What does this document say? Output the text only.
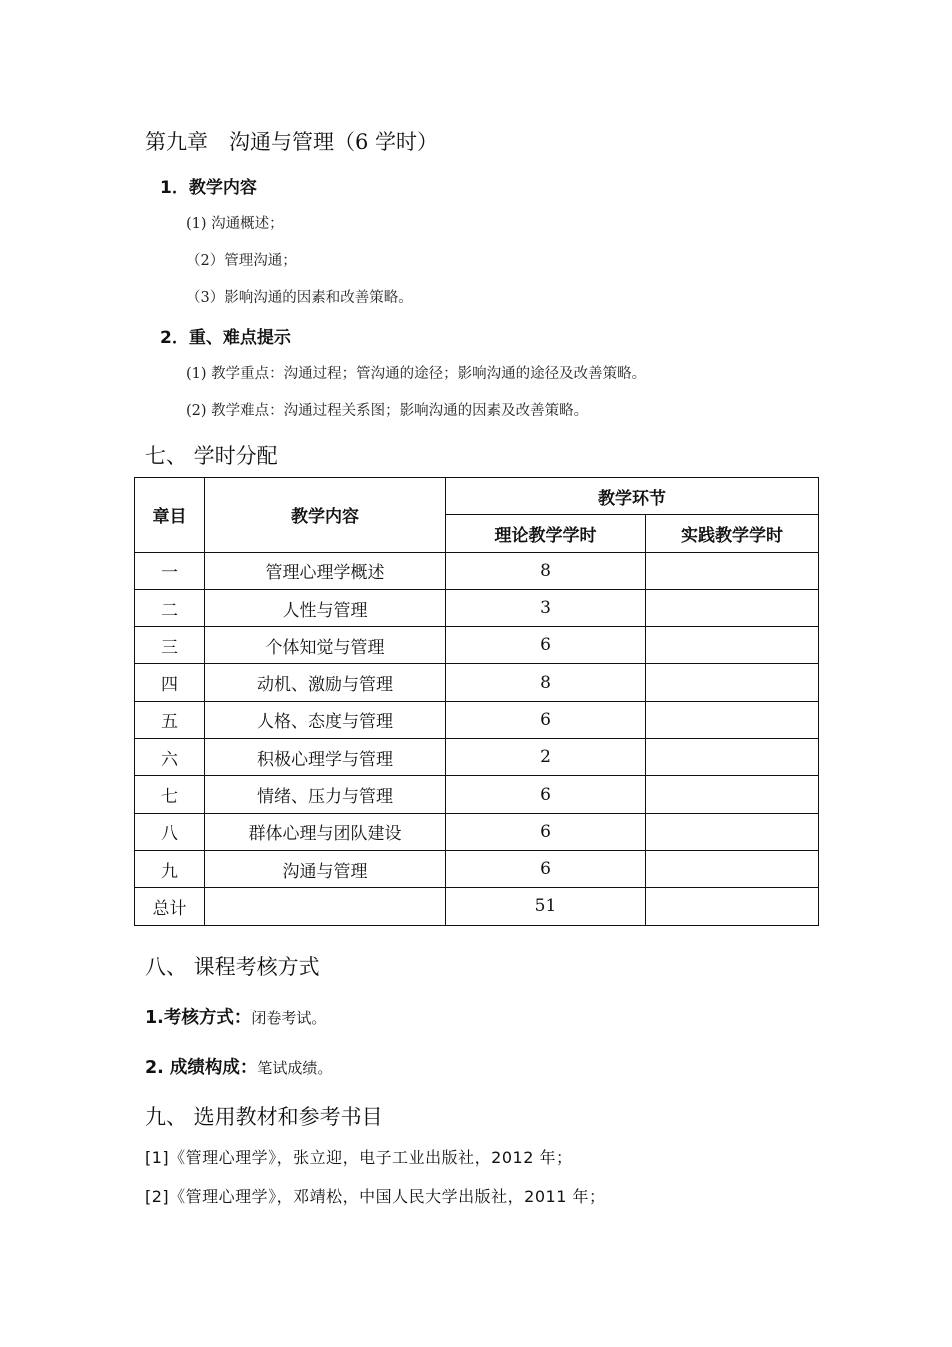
第九章　沟通与管理（6 学时）
1．教学内容
(1) 沟通概述；
（2）管理沟通；
（3）影响沟通的因素和改善策略。
2．重、难点提示
(1) 教学重点：沟通过程；管沟通的途径；影响沟通的途径及改善策略。
(2) 教学难点：沟通过程关系图；影响沟通的因素及改善策略。
七、 学时分配
章目	教学内容	教学环节	
		理论教学学时	实践教学学时
一	管理心理学概述	8	
二	人性与管理	3	
三	个体知觉与管理	6	
四	动机、激励与管理	8	
五	人格、态度与管理	6	
六	积极心理学与管理	2	
七	情绪、压力与管理	6	
八	群体心理与团队建设	6	
九	沟通与管理	6	
总计		51	
八、 课程考核方式
1.考核方式：闭卷考试。
2. 成绩构成：笔试成绩。
九、 选用教材和参考书目
[1]《管理心理学》，张立迎，电子工业出版社，2012 年；
[2]《管理心理学》，邓靖松，中国人民大学出版社，2011 年；
